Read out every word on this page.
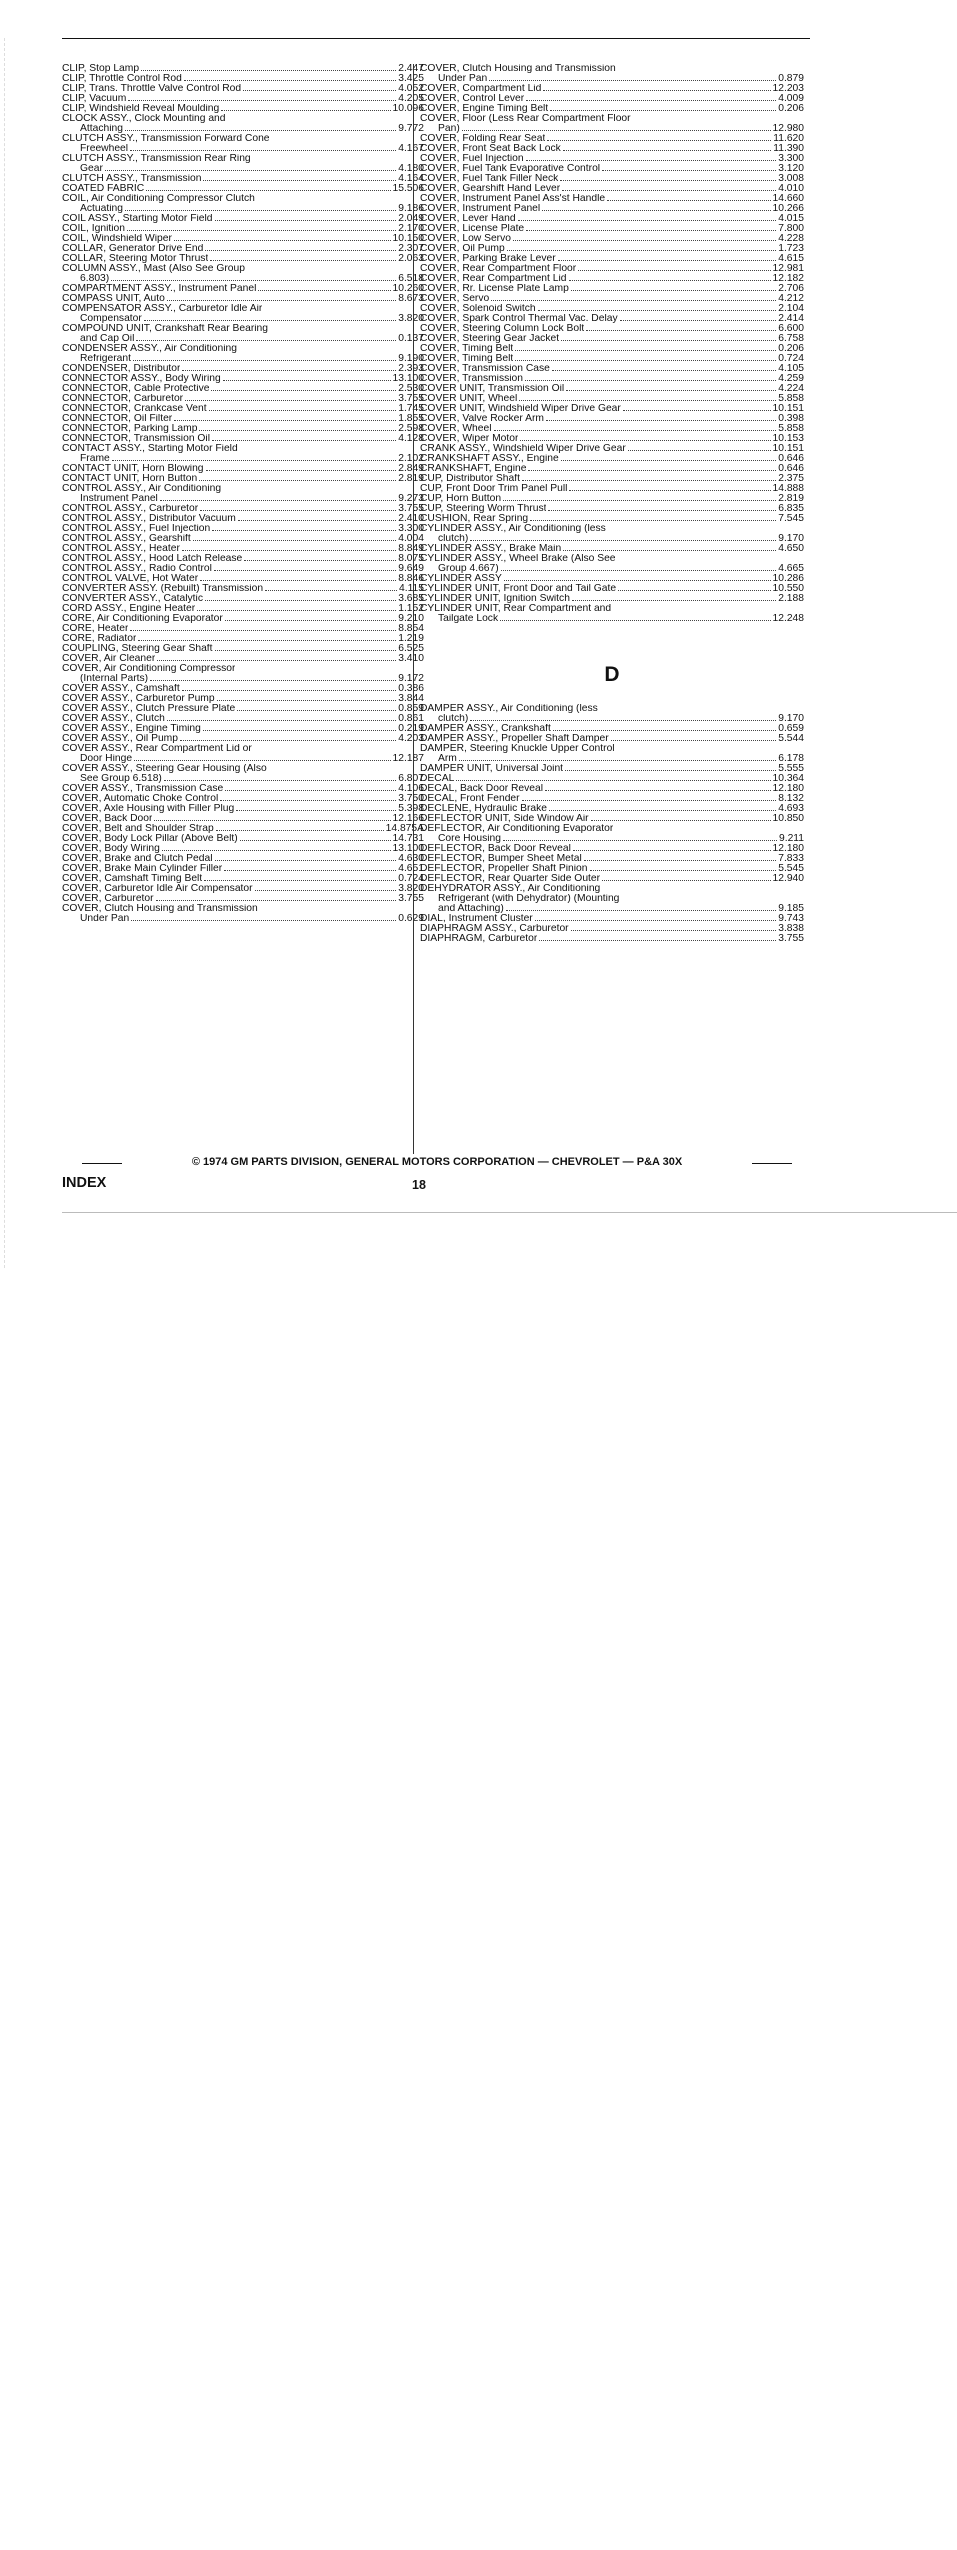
CLIP, Stop Lamp	2.447
CLIP, Throttle Control Rod	3.425
CLIP, Trans. Throttle Valve Control Rod	4.052
CLIP, Vacuum	4.205
CLIP, Windshield Reveal Moulding	10.096
CLOCK ASSY., Clock Mounting and
Attaching	9.772
CLUTCH ASSY., Transmission Forward Cone
Freewheel	4.167
CLUTCH ASSY., Transmission Rear Ring
Gear	4.180
CLUTCH ASSY., Transmission	4.164
COATED FABRIC	15.506
COIL, Air Conditioning Compressor Clutch
Actuating	9.186
COIL ASSY., Starting Motor Field	2.049
COIL, Ignition	2.170
COIL, Windshield Wiper	10.150
COLLAR, Generator Drive End	2.307
COLLAR, Steering Motor Thrust	2.063
COLUMN ASSY., Mast (Also See Group
6.803)	6.518
COMPARTMENT ASSY., Instrument Panel	10.260
COMPASS UNIT, Auto	8.673
COMPENSATOR ASSY., Carburetor Idle Air
Compensator	3.820
COMPOUND UNIT, Crankshaft Rear Bearing
and Cap Oil	0.137
CONDENSER ASSY., Air Conditioning
Refrigerant	9.190
CONDENSER, Distributor	2.393
CONNECTOR ASSY., Body Wiring	13.100
CONNECTOR, Cable Protective	2.530
CONNECTOR, Carburetor	3.755
CONNECTOR, Crankcase Vent	1.745
CONNECTOR, Oil Filter	1.855
CONNECTOR, Parking Lamp	2.598
CONNECTOR, Transmission Oil	4.128
CONTACT ASSY., Starting Motor Field
Frame	2.102
CONTACT UNIT, Horn Blowing	2.849
CONTACT UNIT, Horn Button	2.819
CONTROL ASSY., Air Conditioning
Instrument Panel	9.273
CONTROL ASSY., Carburetor	3.755
CONTROL ASSY., Distributor Vacuum	2.410
CONTROL ASSY., Fuel Injection	3.300
CONTROL ASSY., Gearshift	4.004
CONTROL ASSY., Heater	8.849
CONTROL ASSY., Hood Latch Release	8.075
CONTROL ASSY., Radio Control	9.649
CONTROL VALVE, Hot Water	8.846
CONVERTER ASSY. (Rebuilt) Transmission	4.115
CONVERTER ASSY., Catalytic	3.685
CORD ASSY., Engine Heater	1.152
CORE, Air Conditioning Evaporator	9.210
CORE, Heater	8.854
CORE, Radiator	1.219
COUPLING, Steering Gear Shaft	6.525
COVER, Air Cleaner	3.410
COVER, Air Conditioning Compressor
(Internal Parts)	9.172
COVER ASSY., Camshaft	0.386
COVER ASSY., Carburetor Pump	3.844
COVER ASSY., Clutch Pressure Plate	0.859
COVER ASSY., Clutch	0.861
COVER ASSY., Engine Timing	0.219
COVER ASSY., Oil Pump	4.203
COVER ASSY., Rear Compartment Lid or
Door Hinge	12.187
COVER ASSY., Steering Gear Housing (Also
See Group 6.518)	6.807
COVER ASSY., Transmission Case	4.106
COVER, Automatic Choke Control	3.750
COVER, Axle Housing with Filler Plug	5.398
COVER, Back Door	12.166
COVER, Belt and Shoulder Strap	14.875A
COVER, Body Lock Pillar (Above Belt)	14.731
COVER, Body Wiring	13.100
COVER, Brake and Clutch Pedal	4.630
COVER, Brake Main Cylinder Filler	4.651
COVER, Camshaft Timing Belt	0.724
COVER, Carburetor Idle Air Compensator	3.820
COVER, Carburetor	3.755
COVER, Clutch Housing and Transmission
Under Pan	0.629
COVER, Clutch Housing and Transmission
Under Pan	0.879
COVER, Compartment Lid	12.203
COVER, Control Lever	4.009
COVER, Engine Timing Belt	0.206
COVER, Floor (Less Rear Compartment Floor
Pan)	12.980
COVER, Folding Rear Seat	11.620
COVER, Front Seat Back Lock	11.390
COVER, Fuel Injection	3.300
COVER, Fuel Tank Evaporative Control	3.120
COVER, Fuel Tank Filler Neck	3.008
COVER, Gearshift Hand Lever	4.010
COVER, Instrument Panel Ass'st Handle	14.660
COVER, Instrument Panel	10.266
COVER, Lever Hand	4.015
COVER, License Plate	7.800
COVER, Low Servo	4.228
COVER, Oil Pump	1.723
COVER, Parking Brake Lever	4.615
COVER, Rear Compartment Floor	12.981
COVER, Rear Compartment Lid	12.182
COVER, Rr. License Plate Lamp	2.706
COVER, Servo	4.212
COVER, Solenoid Switch	2.104
COVER, Spark Control Thermal Vac. Delay	2.414
COVER, Steering Column Lock Bolt	6.600
COVER, Steering Gear Jacket	6.758
COVER, Timing Belt	0.206
COVER, Timing Belt	0.724
COVER, Transmission Case	4.105
COVER, Transmission	4.259
COVER UNIT, Transmission Oil	4.224
COVER UNIT, Wheel	5.858
COVER UNIT, Windshield Wiper Drive Gear	10.151
COVER, Valve Rocker Arm	0.398
COVER, Wheel	5.858
COVER, Wiper Motor	10.153
CRANK ASSY., Windshield Wiper Drive Gear	10.151
CRANKSHAFT ASSY., Engine	0.646
CRANKSHAFT, Engine	0.646
CUP, Distributor Shaft	2.375
CUP, Front Door Trim Panel Pull	14.888
CUP, Horn Button	2.819
CUP, Steering Worm Thrust	6.835
CUSHION, Rear Spring	7.545
CYLINDER ASSY., Air Conditioning (less
clutch)	9.170
CYLINDER ASSY., Brake Main	4.650
CYLINDER ASSY., Wheel Brake (Also See
Group 4.667)	4.665
CYLINDER ASSY	10.286
CYLINDER UNIT, Front Door and Tail Gate	10.550
CYLINDER UNIT, Ignition Switch	2.188
CYLINDER UNIT, Rear Compartment and
Tailgate Lock	12.248
D
DAMPER ASSY., Air Conditioning (less
clutch)	9.170
DAMPER ASSY., Crankshaft	0.659
DAMPER ASSY., Propeller Shaft Damper	5.544
DAMPER, Steering Knuckle Upper Control
Arm	6.178
DAMPER UNIT, Universal Joint	5.555
DECAL	10.364
DECAL, Back Door Reveal	12.180
DECAL, Front Fender	8.132
DECLENE, Hydraulic Brake	4.693
DEFLECTOR UNIT, Side Window Air	10.850
DEFLECTOR, Air Conditioning Evaporator
Core Housing	9.211
DEFLECTOR, Back Door Reveal	12.180
DEFLECTOR, Bumper Sheet Metal	7.833
DEFLECTOR, Propeller Shaft Pinion	5.545
DEFLECTOR, Rear Quarter Side Outer	12.940
DEHYDRATOR ASSY., Air Conditioning
Refrigerant (with Dehydrator) (Mounting
and Attaching)	9.185
DIAL, Instrument Cluster	9.743
DIAPHRAGM ASSY., Carburetor	3.838
DIAPHRAGM, Carburetor	3.755
© 1974 GM PARTS DIVISION, GENERAL MOTORS CORPORATION — CHEVROLET — P&A 30X
INDEX	18
